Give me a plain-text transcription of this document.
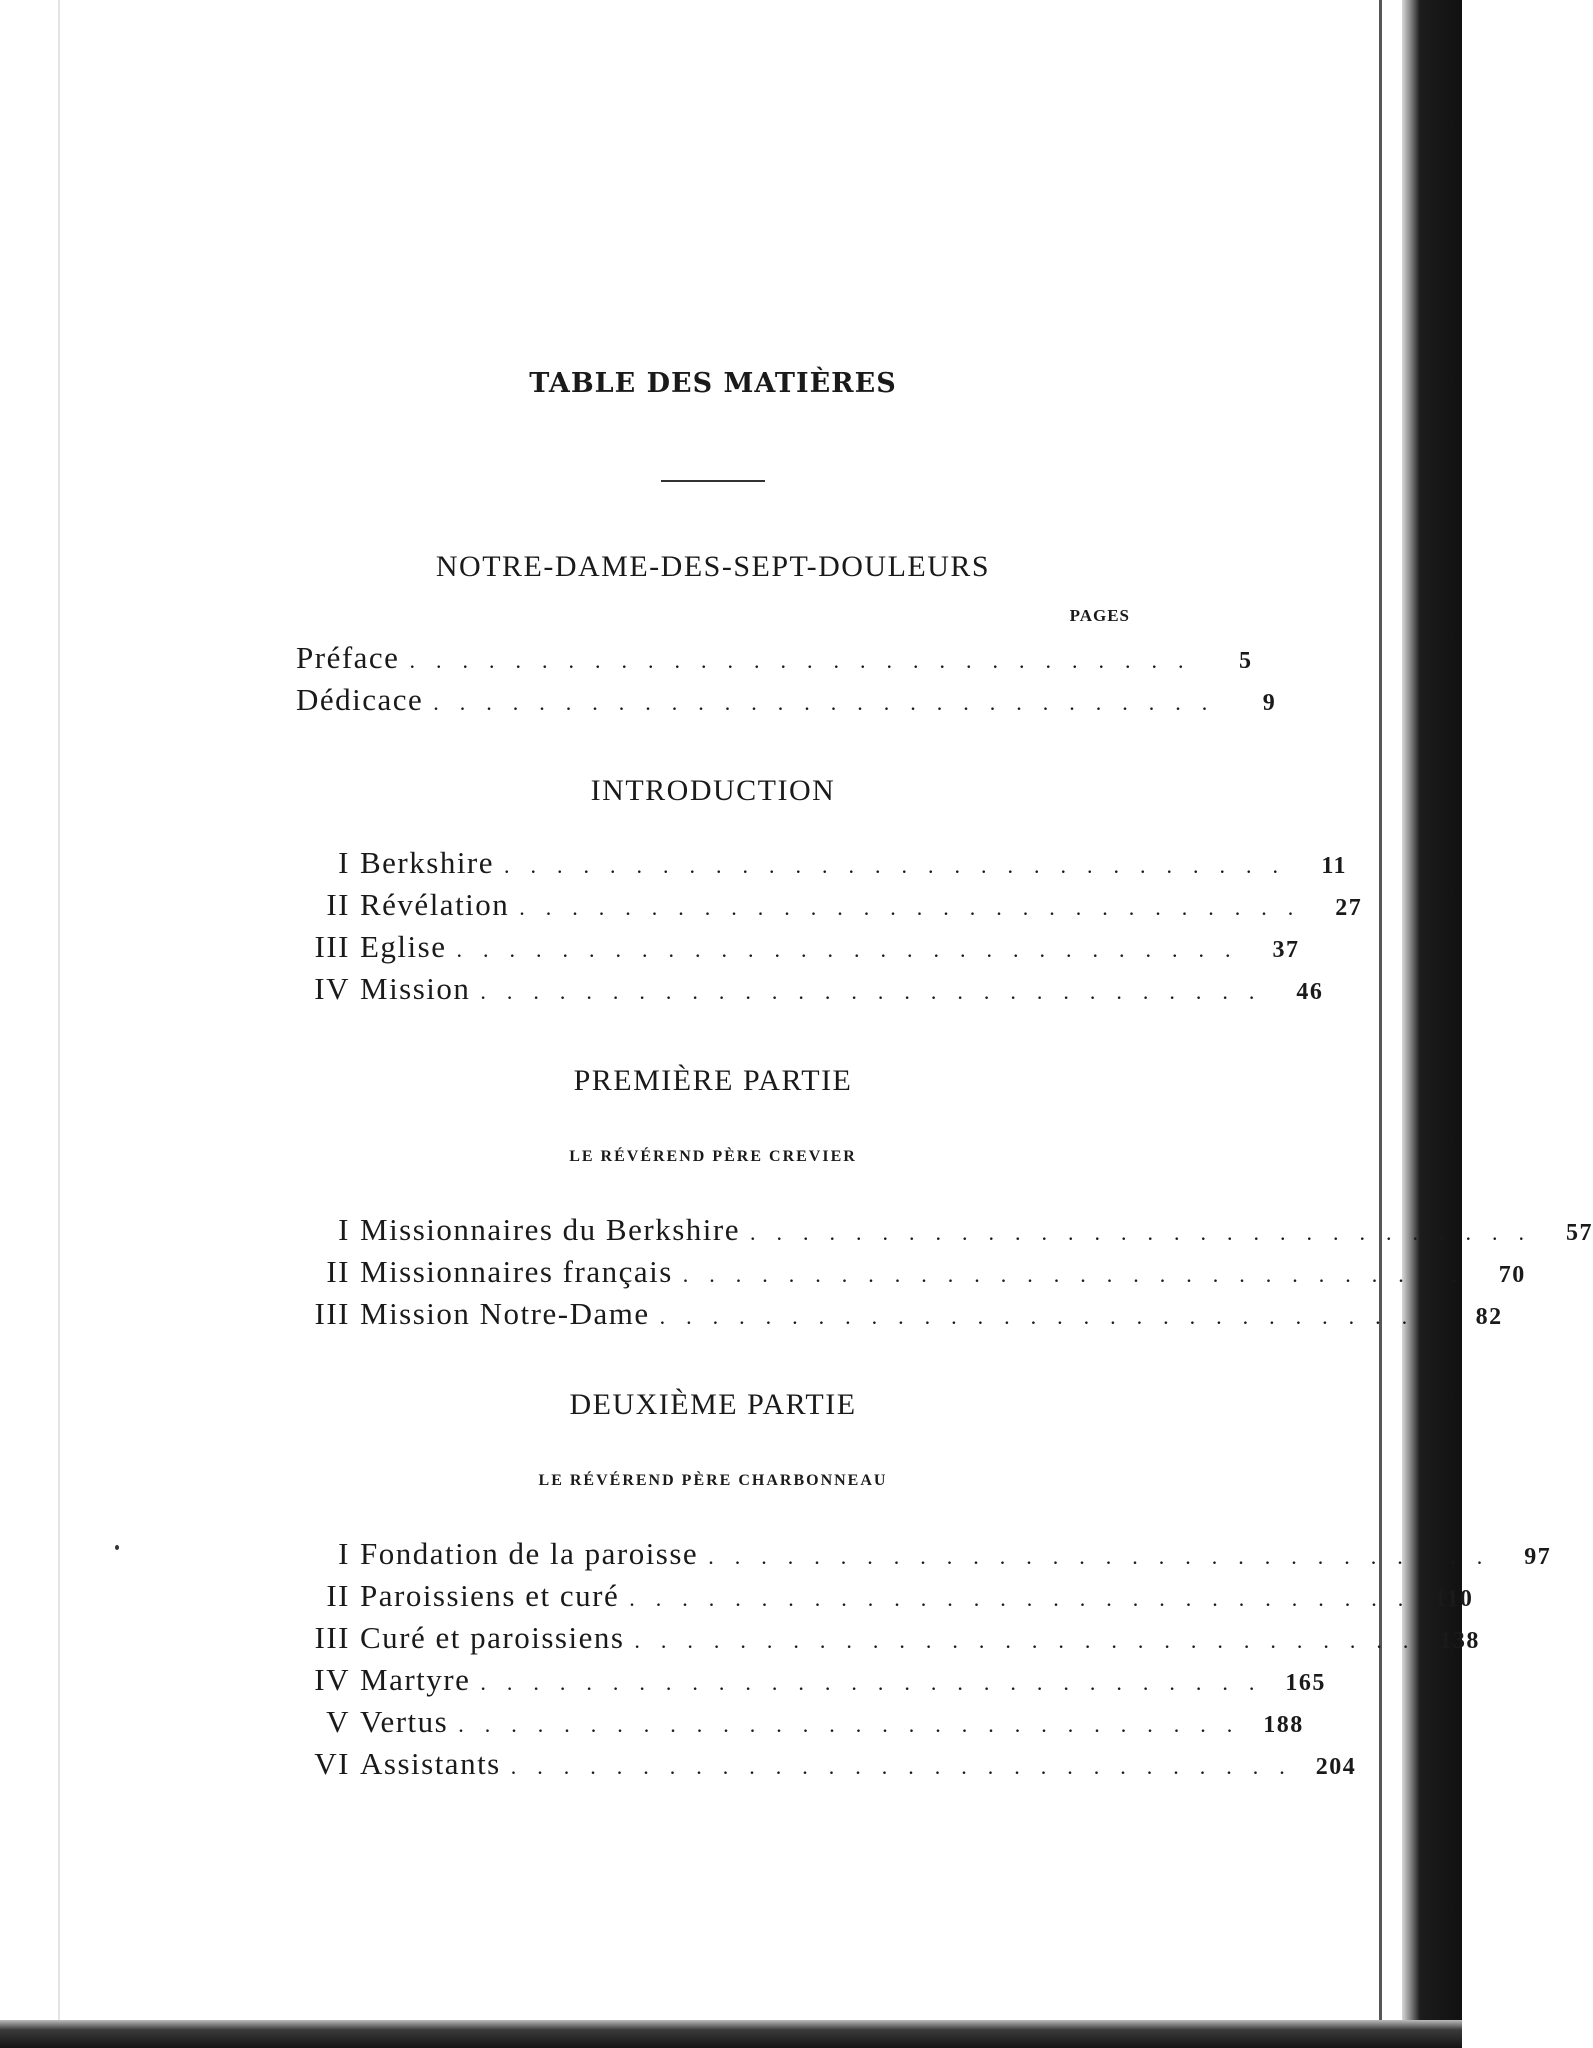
TABLE DES MATIÈRES
NOTRE-DAME-DES-SEPT-DOULEURS
PAGES
Préface ..............................	5
Dédicace ..............................	9
INTRODUCTION
I Berkshire .............................. 11
II Révélation .............................. 27
III Eglise .............................. 37
IV Mission .............................. 46
PREMIÈRE PARTIE
LE RÉVÉREND PÈRE CREVIER
I Missionnaires du Berkshire .............................. 57
II Missionnaires français .............................. 70
III Mission Notre-Dame .............................. 82
DEUXIÈME PARTIE
LE RÉVÉREND PÈRE CHARBONNEAU
I Fondation de la paroisse .............................. 97
II Paroissiens et curé .............................. 110
III Curé et paroissiens .............................. 138
IV Martyre .............................. 165
V Vertus .............................. 188
VI Assistants .............................. 204
